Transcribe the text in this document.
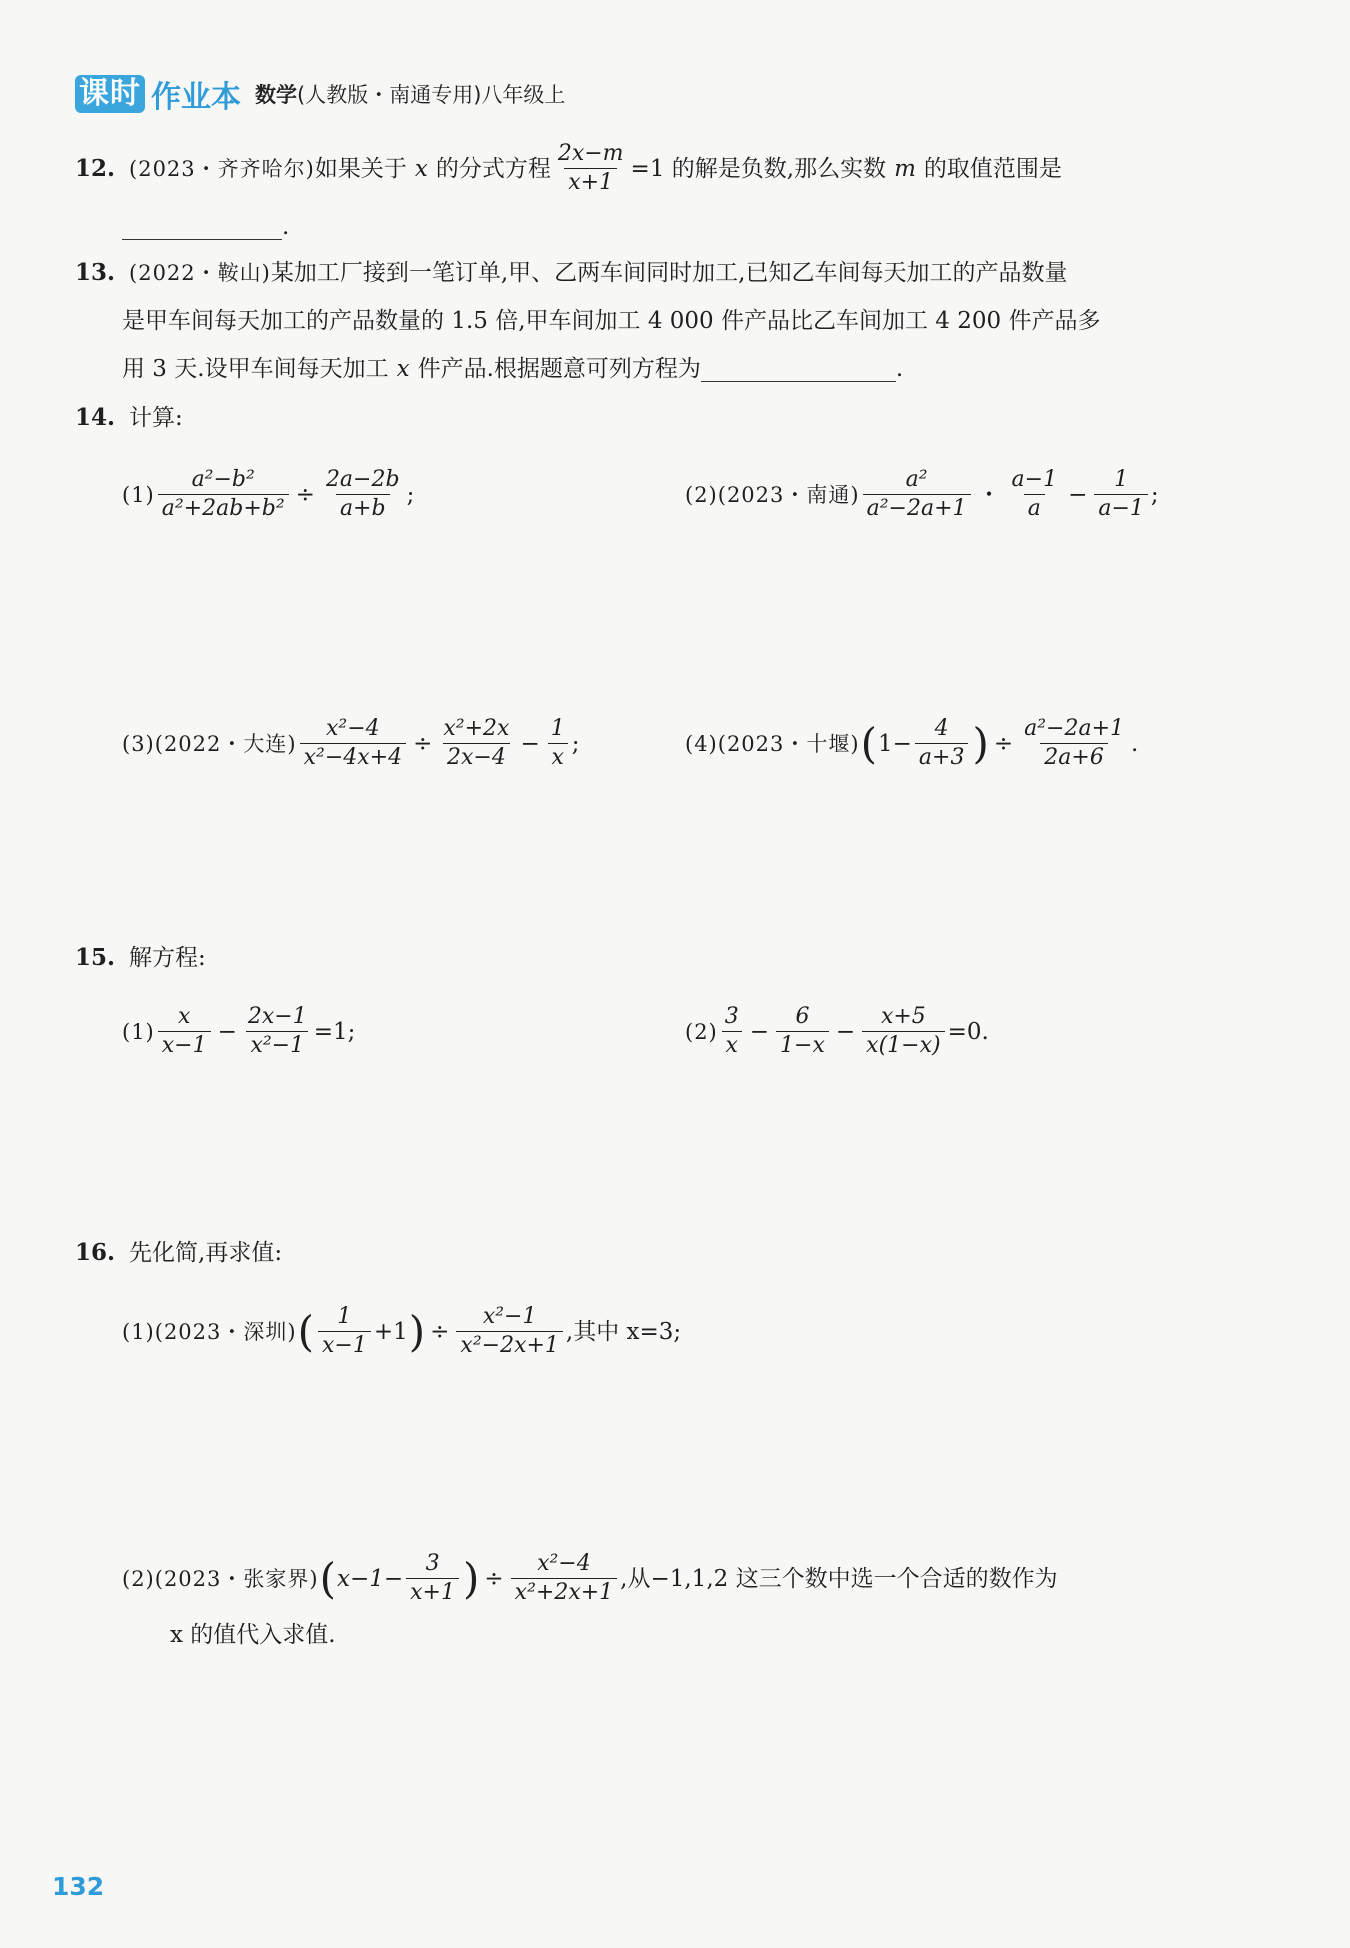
课时 作业本 数学(人教版・南通专用)八年级上
12. (2023・齐齐哈尔) 如果关于 x 的分式方程 $\frac{2x-m}{x+1} =1$ 的解是负数,那么实数 m 的取值范围是
.
13. (2022・鞍山) 某加工厂接到一笔订单,甲、乙两车间同时加工,已知乙车间每天加工的产品数量
是甲车间每天加工的产品数量的 1.5 倍,甲车间加工 4 000 件产品比乙车间加工 4 200 件产品多
用 3 天.设甲车间每天加工 x 件产品.根据题意可列方程为	.
14. 计算:
$(1) \frac{\text{a²−b²}}{\text{a²+2ab+b²}} \div \frac{2a-2b}{a+b}$ ;	(2) (2023・南通) $\frac{\text{a²}}{\text{a²−2a+1}}$ ・ $\frac{a-1}{a} - \frac{1}{a-1}$ ;
(3) (2022・大连) $\frac{\text{x²−4}}{\text{x²−4x+4}} \div \frac{\text{x²+2x}}{2x-4} - \frac{1}{x}$ ;	(4) (2023・十堰) ( $1- \frac{4}{a+3}$ ) ÷ $\frac{\text{a²−2a+1}}{2a+6}$ .
15. 解方程:
$(1) \frac{x}{x-1} - \frac{2x-1}{\text{x²−1}} =1$;	$(2) \frac{3}{x} - \frac{6}{1-x} - \frac{x+5}{x(1-x)} =0$.
16. 先化简,再求值:
(1) (2023・深圳) ( $\frac{1}{x-1} +1$ ) ÷ $\frac{\text{x²−1}}{\text{x²−2x+1}}$ ,其中 x=3;
(2) (2023・张家界) ( $x-1- \frac{3}{x+1}$ ) ÷ $\frac{\text{x²−4}}{\text{x²+2x+1}}$ ,从−1,1,2 这三个数中选一个合适的数作为
x 的值代入求值.
132
